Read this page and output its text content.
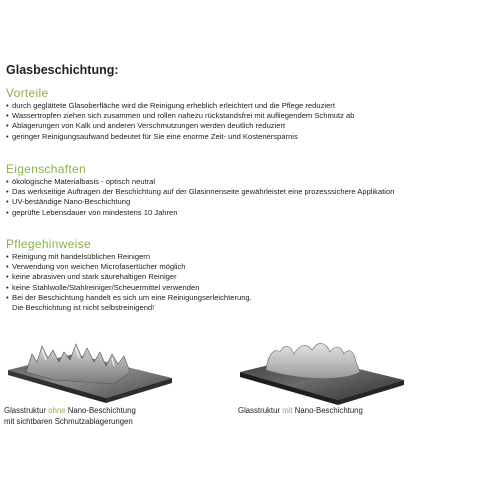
Glasbeschichtung:
Vorteile
• durch geglättete Glasoberfläche wird die Reinigung erheblich erleichtert und die Pflege reduziert
• Wassertropfen ziehen sich zusammen und rollen nahezu rückstandsfrei mit aufliegendem Schmutz ab
• Ablagerungen von Kalk und anderen Verschmutzungen werden deutlich reduziert
• geringer Reinigungsaufwand bedeutet für Sie eine enorme Zeit- und Kostenersparnis
Eigenschaften
• ökologische Materialbasis - optisch neutral
• Das werkseitige Auftragen der Beschichtung auf der Glasinnenseite gewährleistet eine prozesssichere Applikation
• UV-beständige Nano-Beschichtung
• geprüfte Lebensdauer von mindestens 10 Jahren
Pflegehinweise
• Reinigung mit handelsüblichen Reinigern
• Verwendung von weichen Microfasertücher möglich
• keine abrasiven und stark säurehaltigen Reiniger
• keine Stahlwolle/Stahlreiniger/Scheuermittel verwenden
• Bei der Beschichtung handelt es sich um eine Reinigungserleichterung.
Die Beschichtung ist nicht selbstreinigend!
Glasstruktur ohne Nano-Beschichtung
mit sichtbaren Schmutzablagerungen
Glasstruktur mit Nano-Beschichtung
